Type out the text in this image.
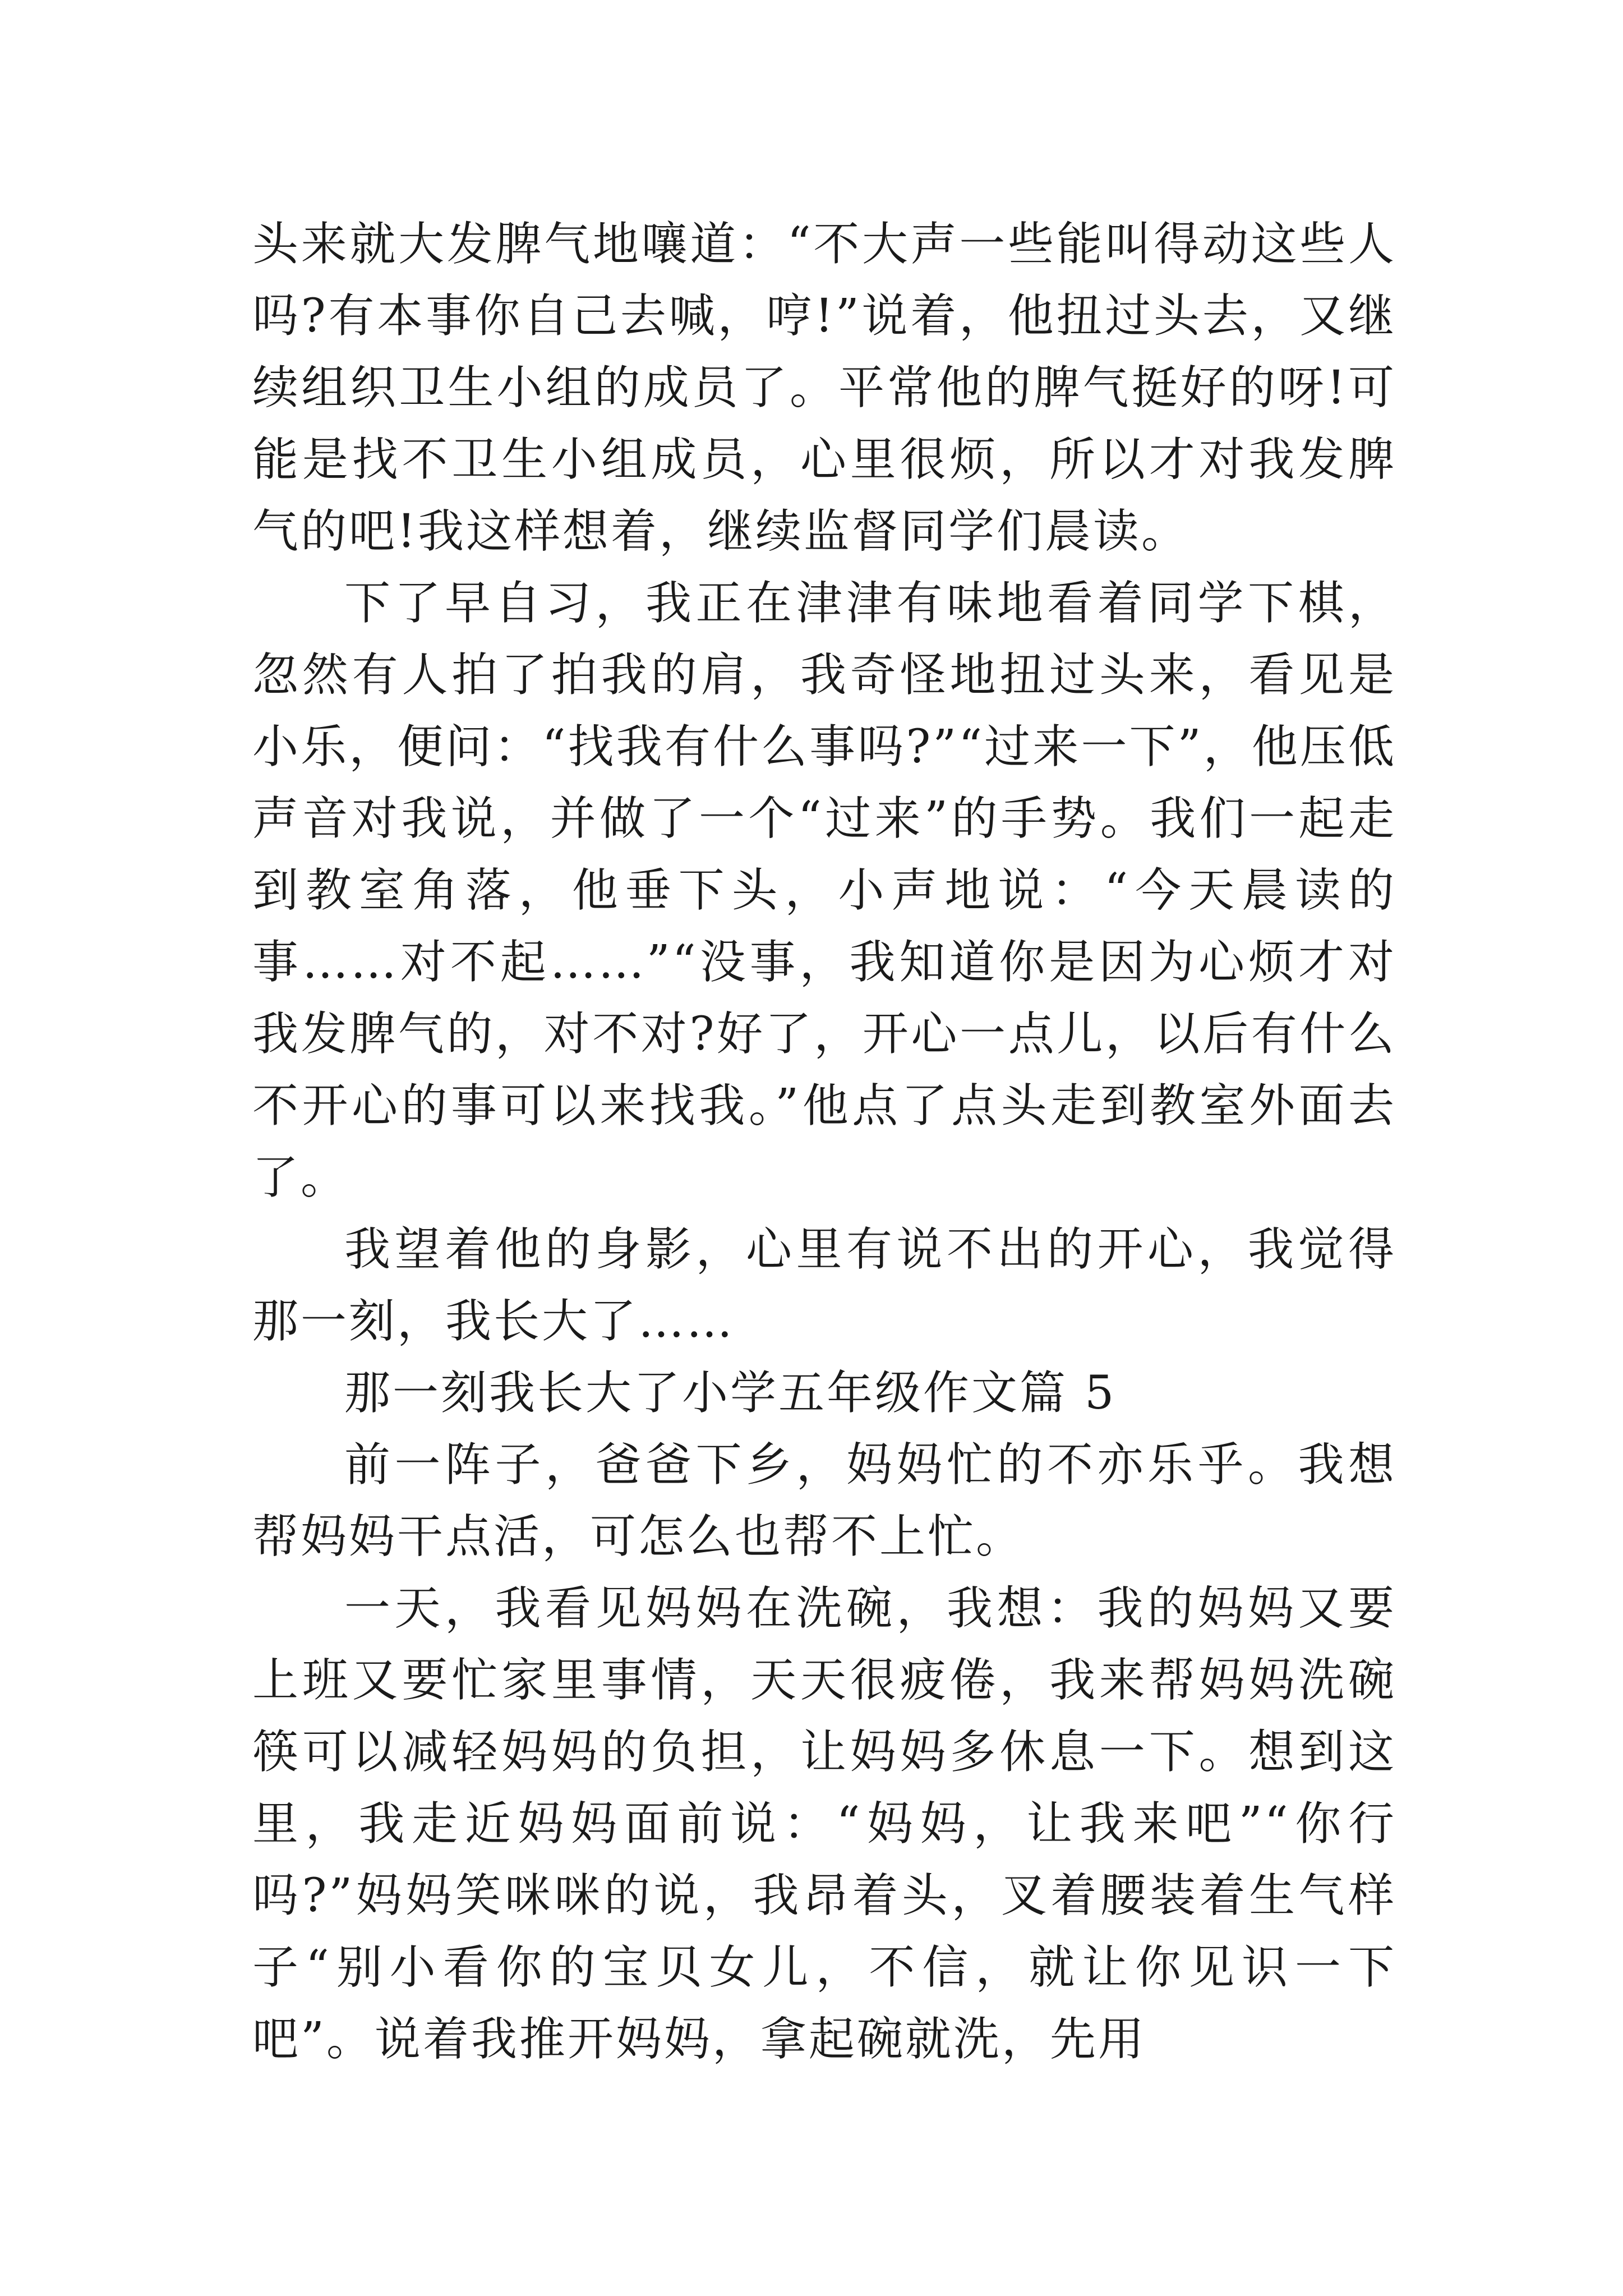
头来就大发脾气地嚷道：“不大声一些能叫得动这些人吗?有本事你自己去喊，哼!”说着，他扭过头去，又继续组织卫生小组的成员了。平常他的脾气挺好的呀!可能是找不卫生小组成员，心里很烦，所以才对我发脾气的吧!我这样想着，继续监督同学们晨读。

下了早自习，我正在津津有味地看着同学下棋，忽然有人拍了拍我的肩，我奇怪地扭过头来，看见是小乐，便问：“找我有什么事吗?”“过来一下”，他压低声音对我说，并做了一个“过来”的手势。我们一起走到教室角落，他垂下头，小声地说：“今天晨读的事……对不起……”“没事，我知道你是因为心烦才对我发脾气的，对不对?好了，开心一点儿，以后有什么不开心的事可以来找我。”他点了点头走到教室外面去了。

我望着他的身影，心里有说不出的开心，我觉得那一刻，我长大了……

那一刻我长大了小学五年级作文篇 5

前一阵子，爸爸下乡，妈妈忙的不亦乐乎。我想帮妈妈干点活，可怎么也帮不上忙。

一天，我看见妈妈在洗碗，我想：我的妈妈又要上班又要忙家里事情，天天很疲倦，我来帮妈妈洗碗筷可以减轻妈妈的负担，让妈妈多休息一下。想到这里，我走近妈妈面前说：“妈妈，让我来吧”“你行吗?”妈妈笑咪咪的说，我昂着头，叉着腰装着生气样子“别小看你的宝贝女儿，不信，就让你见识一下吧”。说着我推开妈妈，拿起碗就洗，先用
